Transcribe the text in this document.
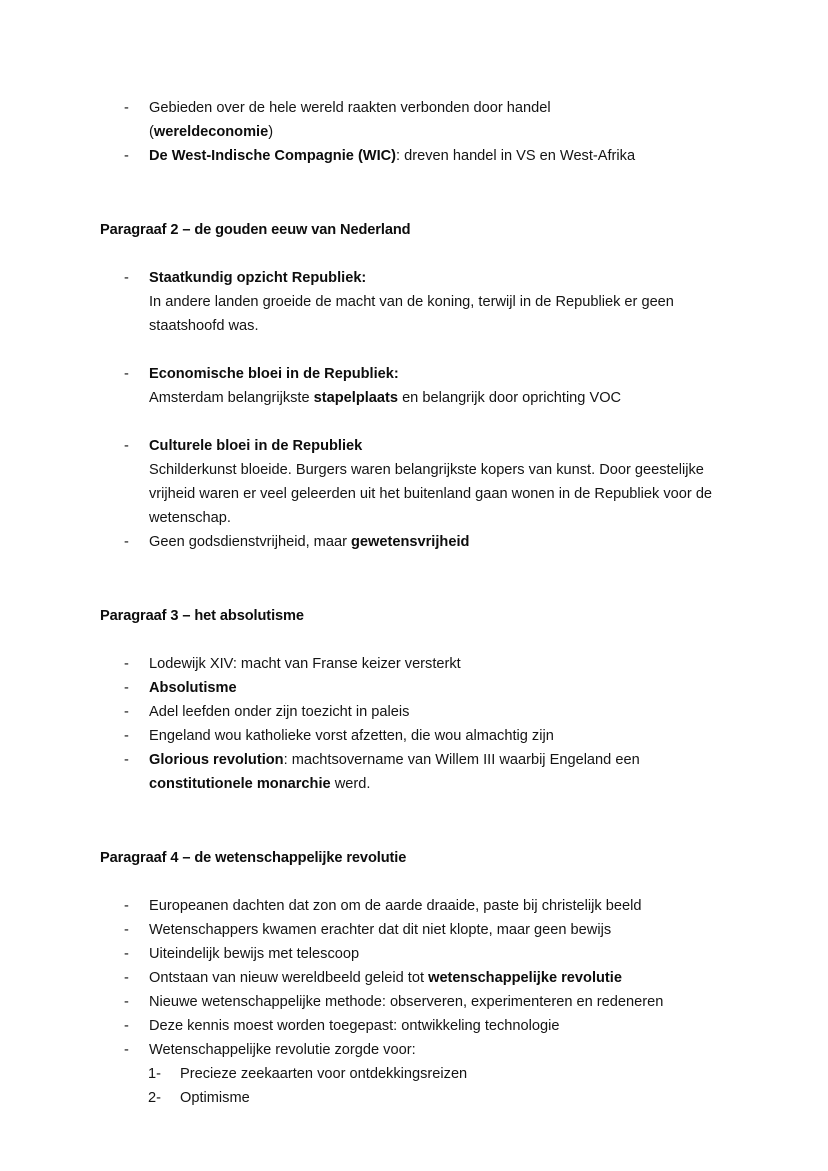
- Gebieden over de hele wereld raakten verbonden door handel
(wereldeconomie)
- De West-Indische Compagnie (WIC): dreven handel in VS en West-Afrika
Paragraaf 2 – de gouden eeuw van Nederland
- Staatkundig opzicht Republiek:
In andere landen groeide de macht van de koning, terwijl in de Republiek er geen staatshoofd was.
- Economische bloei in de Republiek:
Amsterdam belangrijkste stapelplaats en belangrijk door oprichting VOC
- Culturele bloei in de Republiek
Schilderkunst bloeide. Burgers waren belangrijkste kopers van kunst. Door geestelijke vrijheid waren er veel geleerden uit het buitenland gaan wonen in de Republiek voor de wetenschap.
- Geen godsdienstvrijheid, maar gewetensvrijheid
Paragraaf 3 – het absolutisme
- Lodewijk XIV: macht van Franse keizer versterkt
- Absolutisme
- Adel leefden onder zijn toezicht in paleis
- Engeland wou katholieke vorst afzetten, die wou almachtig zijn
- Glorious revolution: machtsovername van Willem III waarbij Engeland een constitutionele monarchie werd.
Paragraaf 4 – de wetenschappelijke revolutie
- Europeanen dachten dat zon om de aarde draaide, paste bij christelijk beeld
- Wetenschappers kwamen erachter dat dit niet klopte, maar geen bewijs
- Uiteindelijk bewijs met telescoop
- Ontstaan van nieuw wereldbeeld geleid tot wetenschappelijke revolutie
- Nieuwe wetenschappelijke methode: observeren, experimenteren en redeneren
- Deze kennis moest worden toegepast: ontwikkeling technologie
- Wetenschappelijke revolutie zorgde voor:
1- Precieze zeekaarten voor ontdekkingsreizen
2- Optimisme
